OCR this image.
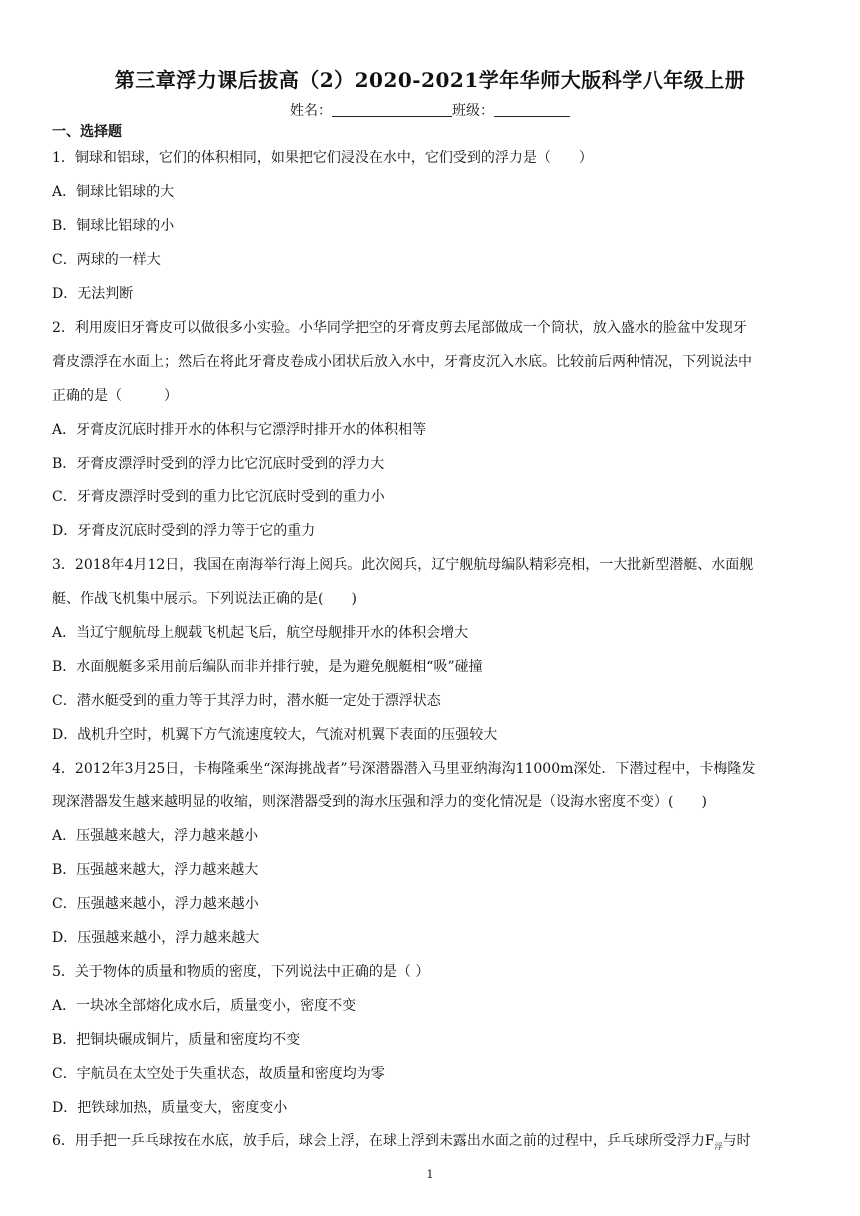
第三章浮力课后拔高（2）2020-2021学年华师大版科学八年级上册
姓名：	班级：
一、选择题
1．铜球和铝球，它们的体积相同，如果把它们浸没在水中，它们受到的浮力是（　　）
A．铜球比铝球的大
B．铜球比铝球的小
C．两球的一样大
D．无法判断
2．利用废旧牙膏皮可以做很多小实验。小华同学把空的牙膏皮剪去尾部做成一个筒状，放入盛水的脸盆中发现牙
膏皮漂浮在水面上；然后在将此牙膏皮卷成小团状后放入水中，牙膏皮沉入水底。比较前后两种情况，下列说法中
正确的是（　　　）
A．牙膏皮沉底时排开水的体积与它漂浮时排开水的体积相等
B．牙膏皮漂浮时受到的浮力比它沉底时受到的浮力大
C．牙膏皮漂浮时受到的重力比它沉底时受到的重力小
D．牙膏皮沉底时受到的浮力等于它的重力
3．2018年4月12日，我国在南海举行海上阅兵。此次阅兵，辽宁舰航母编队精彩亮相，一大批新型潜艇、水面舰
艇、作战飞机集中展示。下列说法正确的是(　　)
A．当辽宁舰航母上舰载飞机起飞后，航空母舰排开水的体积会增大
B．水面舰艇多采用前后编队而非并排行驶，是为避免舰艇相“吸”碰撞
C．潜水艇受到的重力等于其浮力时，潜水艇一定处于漂浮状态
D．战机升空时，机翼下方气流速度较大，气流对机翼下表面的压强较大
4．2012年3月25日，卡梅隆乘坐“深海挑战者”号深潜器潜入马里亚纳海沟11000m深处．下潜过程中，卡梅隆发
现深潜器发生越来越明显的收缩，则深潜器受到的海水压强和浮力的变化情况是（设海水密度不变）(　　)
A．压强越来越大，浮力越来越小
B．压强越来越大，浮力越来越大
C．压强越来越小，浮力越来越小
D．压强越来越小，浮力越来越大
5．关于物体的质量和物质的密度，下列说法中正确的是（ ）
A．一块冰全部熔化成水后，质量变小，密度不变
B．把铜块碾成铜片，质量和密度均不变
C．宇航员在太空处于失重状态，故质量和密度均为零
D．把铁球加热，质量变大，密度变小
6．用手把一乒乓球按在水底，放手后，球会上浮，在球上浮到未露出水面之前的过程中，乒乓球所受浮力$F_浮$与时
1
